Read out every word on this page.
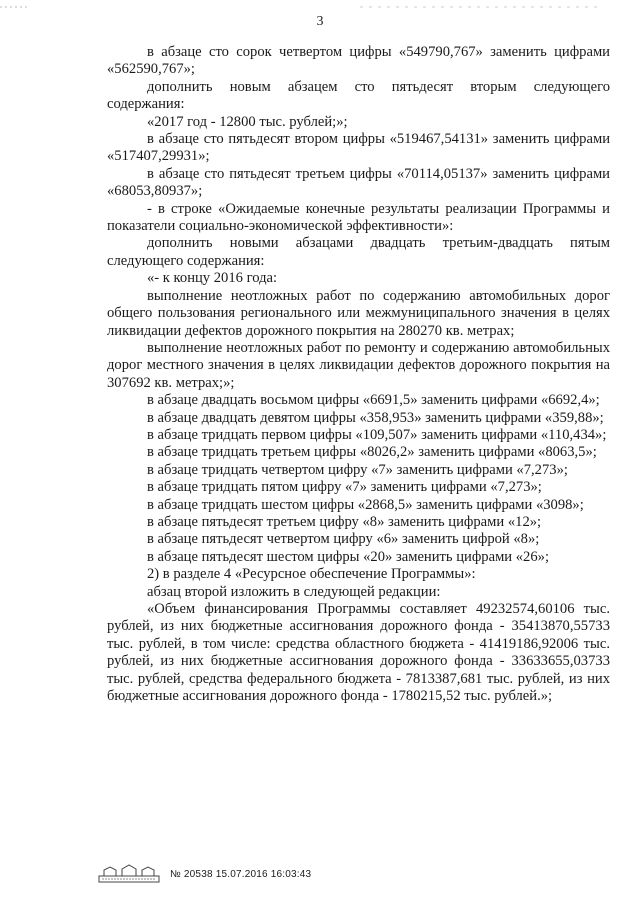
3

в абзаце сто сорок четвертом цифры «549790,767» заменить цифрами «562590,767»;

дополнить новым абзацем сто пятьдесят вторым следующего содержания:

«2017 год - 12800 тыс. рублей;»;

в абзаце сто пятьдесят втором цифры «519467,54131» заменить цифрами «517407,29931»;

в абзаце сто пятьдесят третьем цифры «70114,05137» заменить цифрами «68053,80937»;

- в строке «Ожидаемые конечные результаты реализации Программы и показатели социально-экономической эффективности»:

дополнить новыми абзацами двадцать третьим-двадцать пятым следующего содержания:

«- к концу 2016 года:

выполнение неотложных работ по содержанию автомобильных дорог общего пользования регионального или межмуниципального значения в целях ликвидации дефектов дорожного покрытия на 280270 кв. метрах;

выполнение неотложных работ по ремонту и содержанию автомобильных дорог местного значения в целях ликвидации дефектов дорожного покрытия на 307692 кв. метрах;»;

в абзаце двадцать восьмом цифры «6691,5» заменить цифрами «6692,4»;

в абзаце двадцать девятом цифры «358,953» заменить цифрами «359,88»;

в абзаце тридцать первом цифры «109,507» заменить цифрами «110,434»;

в абзаце тридцать третьем цифры «8026,2» заменить цифрами «8063,5»;

в абзаце тридцать четвертом цифру «7» заменить цифрами «7,273»;

в абзаце тридцать пятом цифру «7» заменить цифрами «7,273»;

в абзаце тридцать шестом цифры «2868,5» заменить цифрами «3098»;

в абзаце пятьдесят третьем цифру «8» заменить цифрами «12»;

в абзаце пятьдесят четвертом цифру «6» заменить цифрой «8»;

в абзаце пятьдесят шестом цифры «20» заменить цифрами «26»;

2) в разделе 4 «Ресурсное обеспечение Программы»:

абзац второй изложить в следующей редакции:

«Объем финансирования Программы составляет 49232574,60106 тыс. рублей, из них бюджетные ассигнования дорожного фонда - 35413870,55733 тыс. рублей, в том числе: средства областного бюджета - 41419186,92006 тыс. рублей, из них бюджетные ассигнования дорожного фонда - 33633655,03733 тыс. рублей, средства федерального бюджета - 7813387,681 тыс. рублей, из них бюджетные ассигнования дорожного фонда - 1780215,52 тыс. рублей.»;

№ 20538 15.07.2016 16:03:43
